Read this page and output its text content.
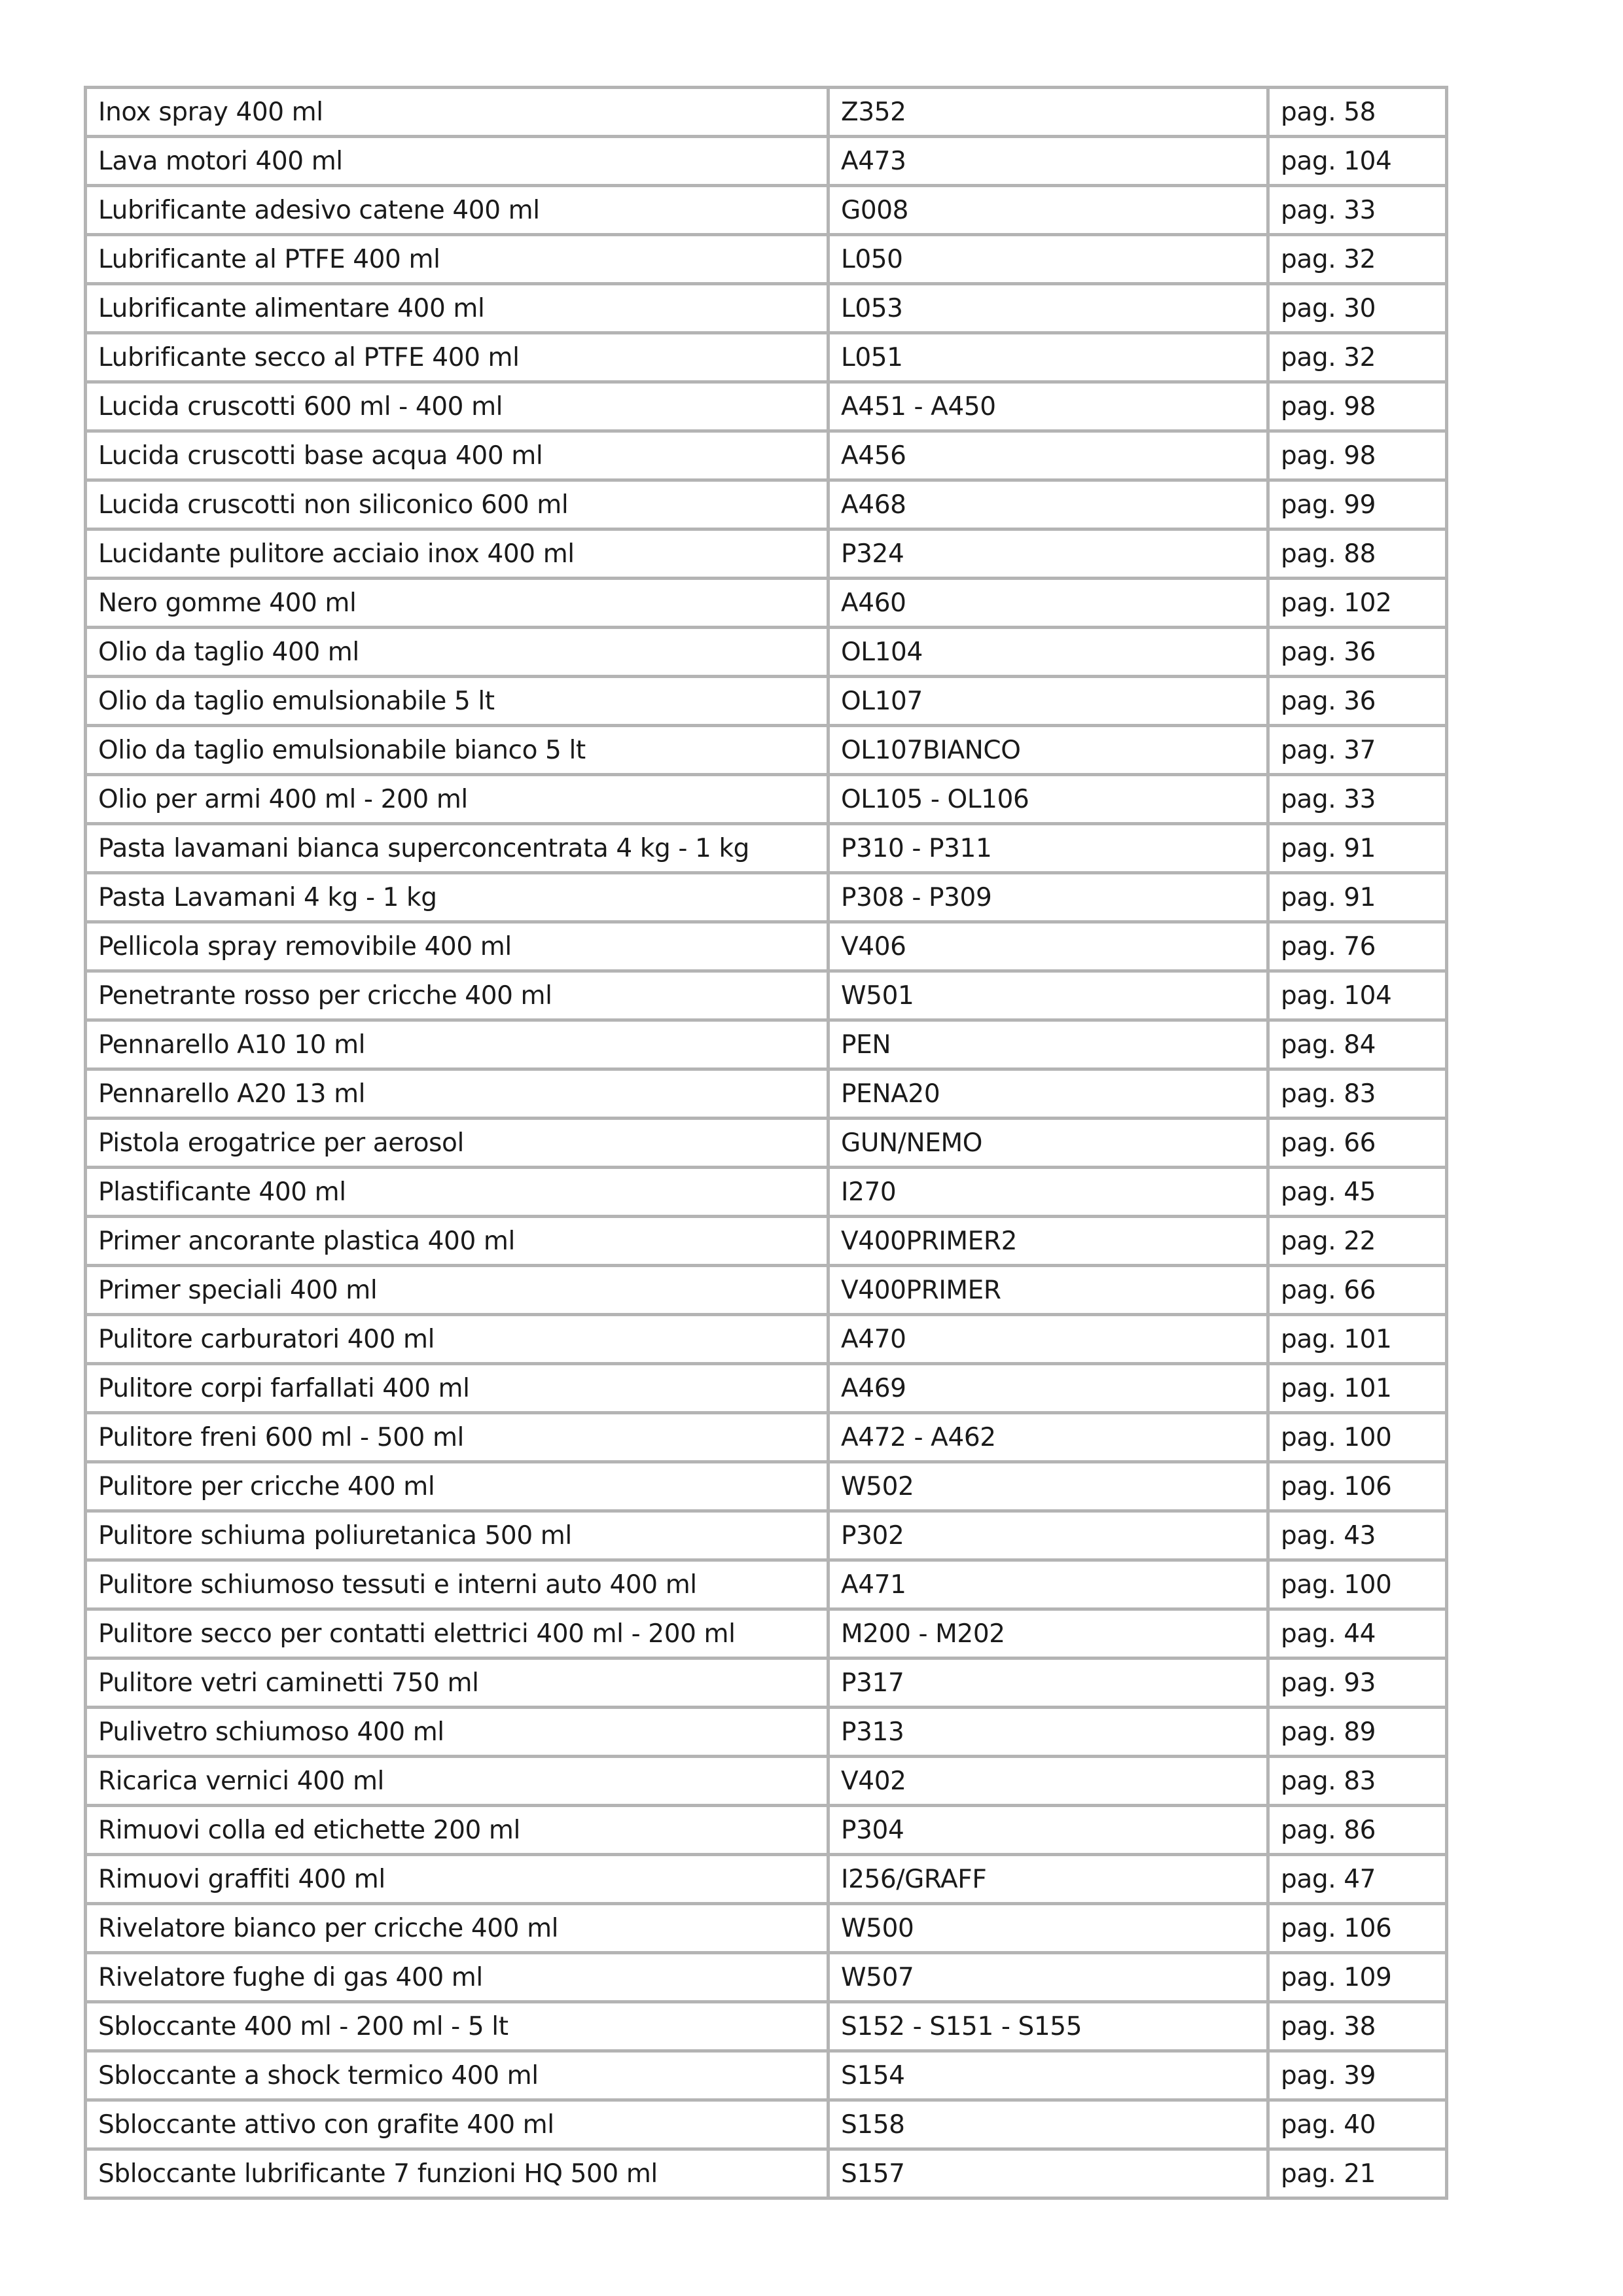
Inox spray 400 ml	Z352	pag. 58
Lava motori 400 ml	A473	pag. 104
Lubrificante adesivo catene 400 ml	G008	pag. 33
Lubrificante al PTFE 400 ml	L050	pag. 32
Lubrificante alimentare 400 ml	L053	pag. 30
Lubrificante secco al PTFE 400 ml	L051	pag. 32
Lucida cruscotti 600 ml - 400 ml	A451 - A450	pag. 98
Lucida cruscotti base acqua 400 ml	A456	pag. 98
Lucida cruscotti non siliconico 600 ml	A468	pag. 99
Lucidante pulitore acciaio inox 400 ml	P324	pag. 88
Nero gomme 400 ml	A460	pag. 102
Olio da taglio 400 ml	OL104	pag. 36
Olio da taglio emulsionabile 5 lt	OL107	pag. 36
Olio da taglio emulsionabile bianco 5 lt	OL107BIANCO	pag. 37
Olio per armi 400 ml - 200 ml	OL105 - OL106	pag. 33
Pasta lavamani bianca superconcentrata 4 kg - 1 kg	P310 - P311	pag. 91
Pasta Lavamani 4 kg - 1 kg	P308 - P309	pag. 91
Pellicola spray removibile 400 ml	V406	pag. 76
Penetrante rosso per cricche 400 ml	W501	pag. 104
Pennarello A10 10 ml	PEN	pag. 84
Pennarello A20 13 ml	PENA20	pag. 83
Pistola erogatrice per aerosol	GUN/NEMO	pag. 66
Plastificante 400 ml	I270	pag. 45
Primer ancorante plastica 400 ml	V400PRIMER2	pag. 22
Primer speciali 400 ml	V400PRIMER	pag. 66
Pulitore carburatori 400 ml	A470	pag. 101
Pulitore corpi farfallati 400 ml	A469	pag. 101
Pulitore freni 600 ml - 500 ml	A472 - A462	pag. 100
Pulitore per cricche 400 ml	W502	pag. 106
Pulitore schiuma poliuretanica 500 ml	P302	pag. 43
Pulitore schiumoso tessuti e interni auto 400 ml	A471	pag. 100
Pulitore secco per contatti elettrici 400 ml - 200 ml	M200 - M202	pag. 44
Pulitore vetri caminetti 750 ml	P317	pag. 93
Pulivetro schiumoso 400 ml	P313	pag. 89
Ricarica vernici 400 ml	V402	pag. 83
Rimuovi colla ed etichette 200 ml	P304	pag. 86
Rimuovi graffiti 400 ml	I256/GRAFF	pag. 47
Rivelatore bianco per cricche 400 ml	W500	pag. 106
Rivelatore fughe di gas 400 ml	W507	pag. 109
Sbloccante 400 ml - 200 ml - 5 lt	S152 - S151 - S155	pag. 38
Sbloccante a shock termico 400 ml	S154	pag. 39
Sbloccante attivo con grafite 400 ml	S158	pag. 40
Sbloccante lubrificante 7 funzioni HQ 500 ml	S157	pag. 21
